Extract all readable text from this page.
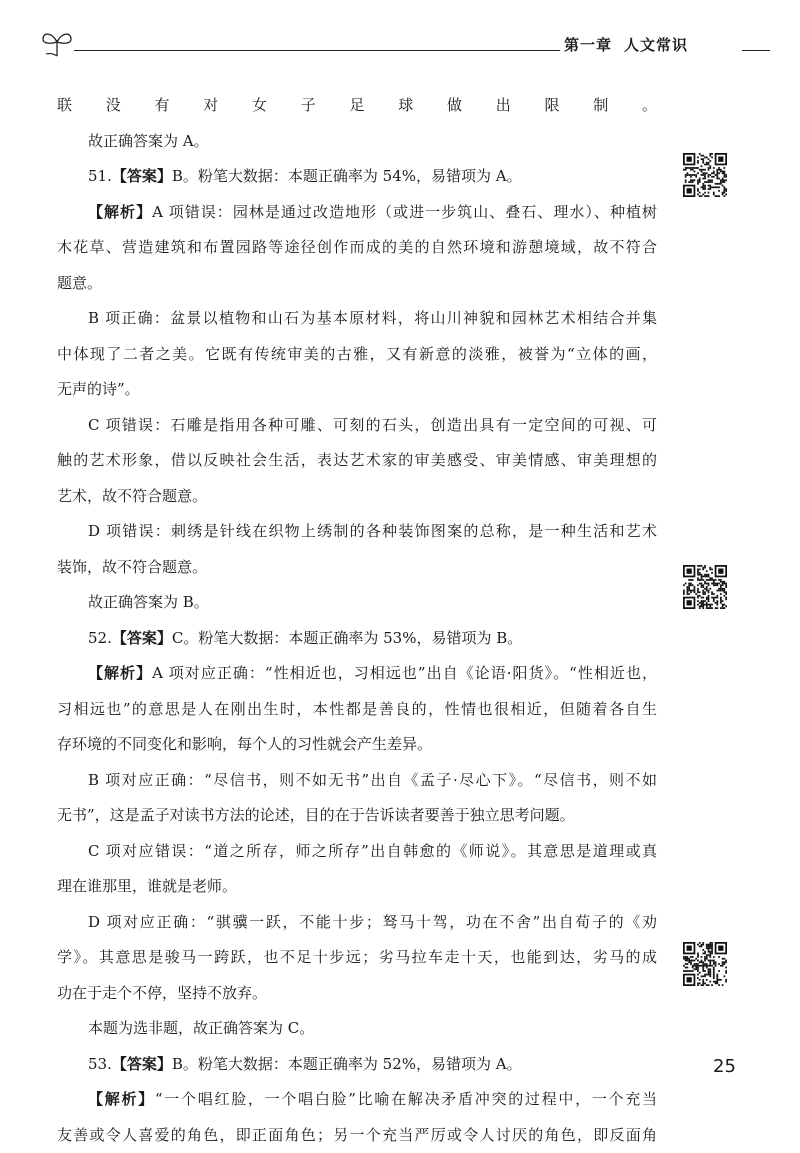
第一章 人文常识
联没有对女子足球做出限制。
故正确答案为 A。
51.【答案】B。粉笔大数据：本题正确率为 54%，易错项为 A。
【解析】A 项错误：园林是通过改造地形（或进一步筑山、叠石、理水）、种植树
木花草、营造建筑和布置园路等途径创作而成的美的自然环境和游憩境域，故不符合
题意。
B 项正确：盆景以植物和山石为基本原材料，将山川神貌和园林艺术相结合并集
中体现了二者之美。它既有传统审美的古雅，又有新意的淡雅，被誉为“立体的画，
无声的诗”。
C 项错误：石雕是指用各种可雕、可刻的石头，创造出具有一定空间的可视、可
触的艺术形象，借以反映社会生活，表达艺术家的审美感受、审美情感、审美理想的
艺术，故不符合题意。
D 项错误：刺绣是针线在织物上绣制的各种装饰图案的总称，是一种生活和艺术
装饰，故不符合题意。
故正确答案为 B。
52.【答案】C。粉笔大数据：本题正确率为 53%，易错项为 B。
【解析】A 项对应正确：“性相近也，习相远也”出自《论语·阳货》。“性相近也，
习相远也”的意思是人在刚出生时，本性都是善良的，性情也很相近，但随着各自生
存环境的不同变化和影响，每个人的习性就会产生差异。
B 项对应正确：“尽信书，则不如无书”出自《孟子·尽心下》。“尽信书，则不如
无书”，这是孟子对读书方法的论述，目的在于告诉读者要善于独立思考问题。
C 项对应错误：“道之所存，师之所存”出自韩愈的《师说》。其意思是道理或真
理在谁那里，谁就是老师。
D 项对应正确：“骐骥一跃，不能十步；驽马十驾，功在不舍”出自荀子的《劝
学》。其意思是骏马一跨跃，也不足十步远；劣马拉车走十天，也能到达，劣马的成
功在于走个不停，坚持不放弃。
本题为选非题，故正确答案为 C。
53.【答案】B。粉笔大数据：本题正确率为 52%，易错项为 A。
【解析】“一个唱红脸，一个唱白脸”比喻在解决矛盾冲突的过程中，一个充当
友善或令人喜爱的角色，即正面角色；另一个充当严厉或令人讨厌的角色，即反面角
25
